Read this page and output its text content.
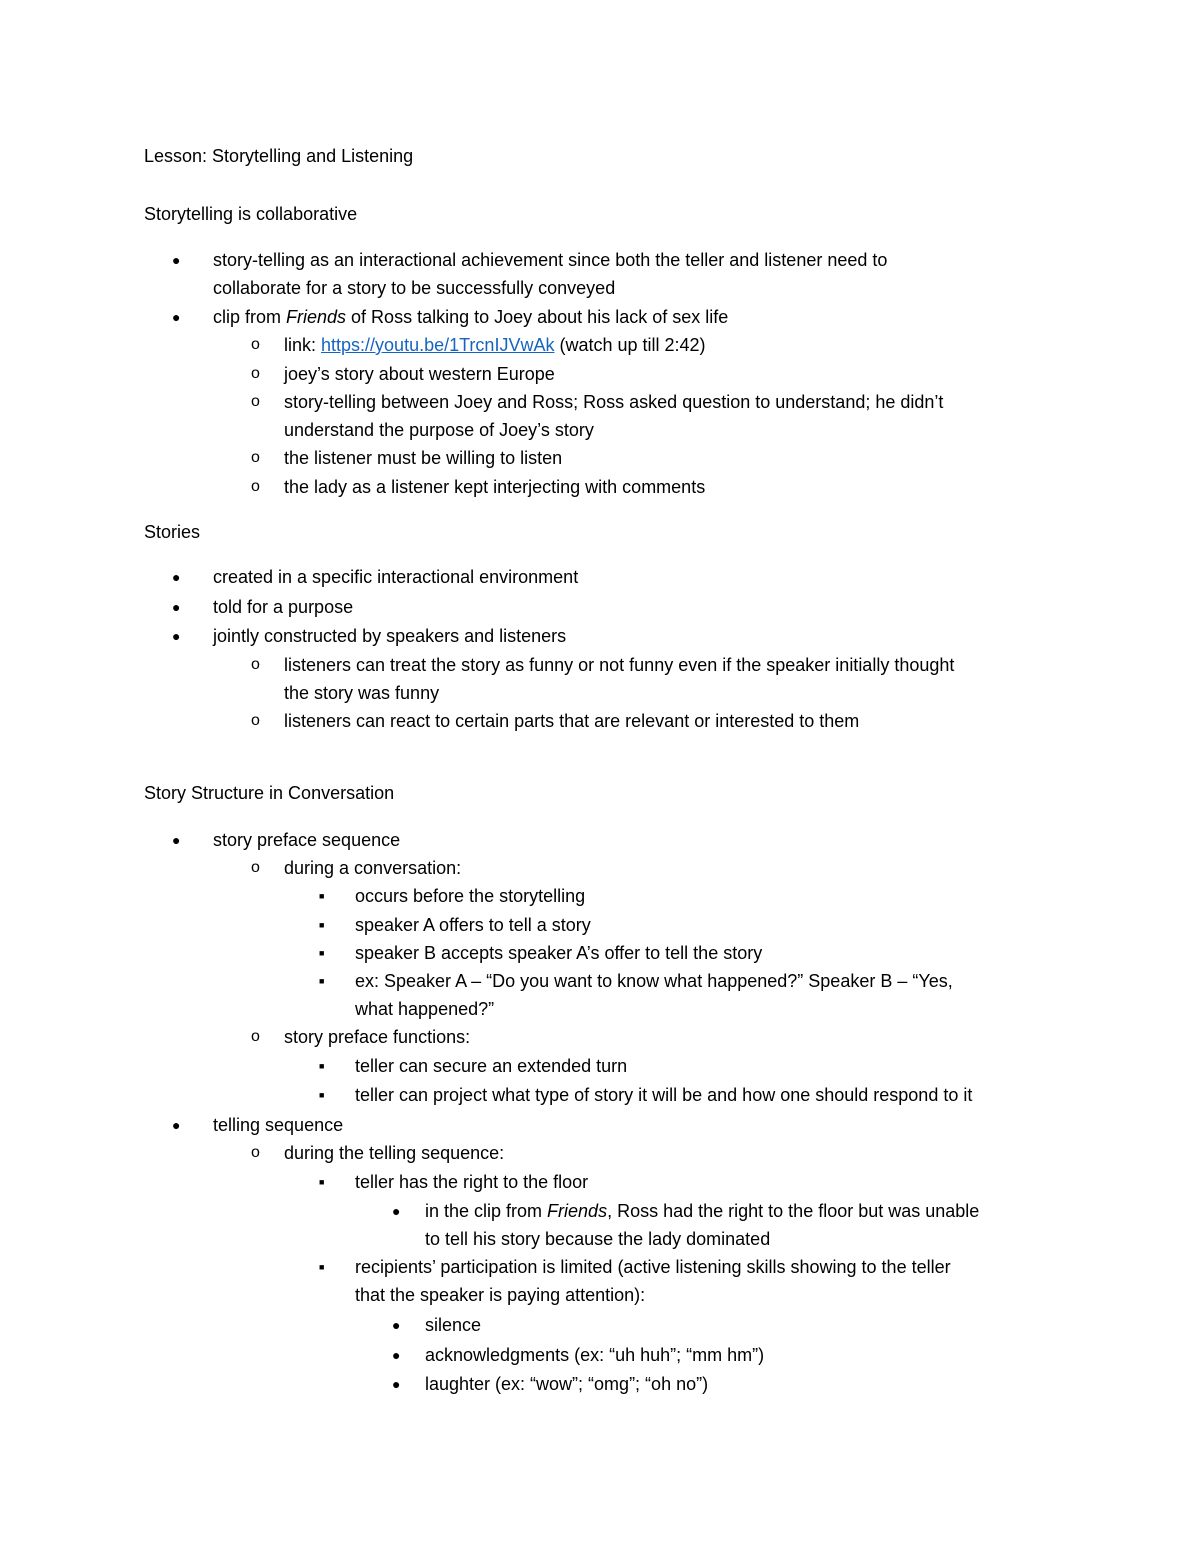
Lesson: Storytelling and Listening
Storytelling is collaborative
● story-telling as an interactional achievement since both the teller and listener need to
collaborate for a story to be successfully conveyed
● clip from Friends of Ross talking to Joey about his lack of sex life
o link: https://youtu.be/1TrcnIJVwAk (watch up till 2:42)
o joey’s story about western Europe
o story-telling between Joey and Ross; Ross asked question to understand; he didn’t
understand the purpose of Joey’s story
o the listener must be willing to listen
o the lady as a listener kept interjecting with comments
Stories
● created in a specific interactional environment
● told for a purpose
● jointly constructed by speakers and listeners
o listeners can treat the story as funny or not funny even if the speaker initially thought
the story was funny
o listeners can react to certain parts that are relevant or interested to them
Story Structure in Conversation
● story preface sequence
o during a conversation:
■ occurs before the storytelling
■ speaker A offers to tell a story
■ speaker B accepts speaker A’s offer to tell the story
■ ex: Speaker A – “Do you want to know what happened?” Speaker B – “Yes,
what happened?”
o story preface functions:
■ teller can secure an extended turn
■ teller can project what type of story it will be and how one should respond to it
● telling sequence
o during the telling sequence:
■ teller has the right to the floor
● in the clip from Friends, Ross had the right to the floor but was unable
to tell his story because the lady dominated
■ recipients’ participation is limited (active listening skills showing to the teller
that the speaker is paying attention):
● silence
● acknowledgments (ex: “uh huh”; “mm hm”)
● laughter (ex: “wow”; “omg”; “oh no”)
